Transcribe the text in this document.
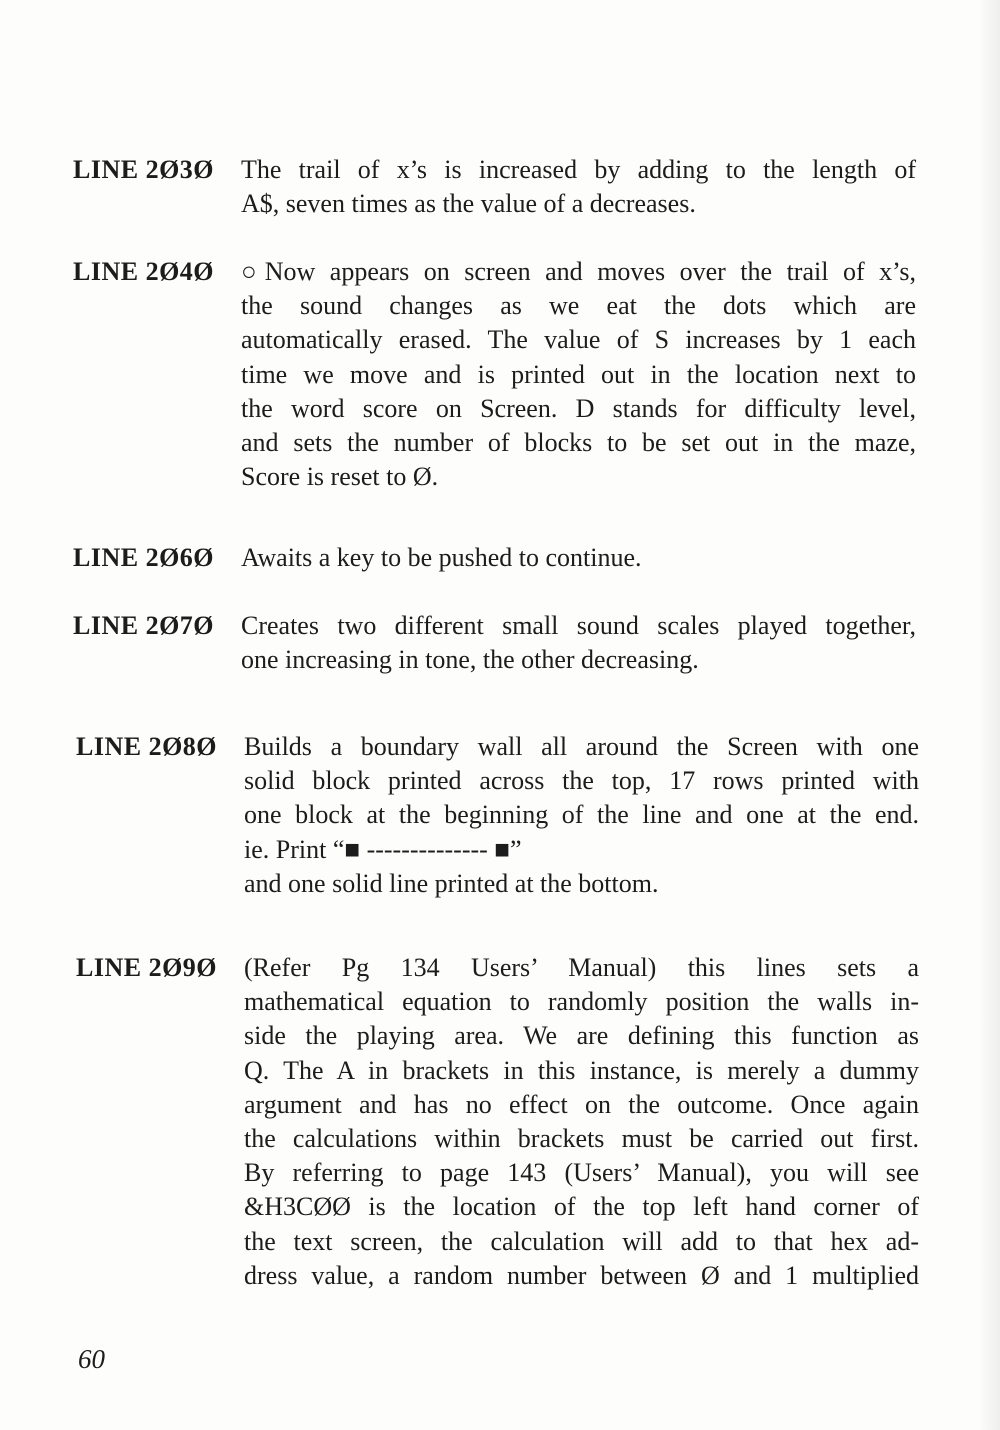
LINE 2Ø3Ø The trail of x’s is increased by adding to the length of
A$, seven times as the value of a decreases.
LINE 2Ø4Ø ○Now appears on screen and moves over the trail of x’s,
the sound changes as we eat the dots which are
automatically erased. The value of S increases by 1 each
time we move and is printed out in the location next to
the word score on Screen. D stands for difficulty level,
and sets the number of blocks to be set out in the maze,
Score is reset to Ø.
LINE 2Ø6Ø Awaits a key to be pushed to continue.
LINE 2Ø7Ø Creates two different small sound scales played together,
one increasing in tone, the other decreasing.
LINE 2Ø8Ø Builds a boundary wall all around the Screen with one
solid block printed across the top, 17 rows printed with
one block at the beginning of the line and one at the end.
ie. Print “■ -------------- ■”
and one solid line printed at the bottom.
LINE 2Ø9Ø (Refer Pg 134 Users’ Manual) this lines sets a
mathematical equation to randomly position the walls in-
side the playing area. We are defining this function as
Q. The A in brackets in this instance, is merely a dummy
argument and has no effect on the outcome. Once again
the calculations within brackets must be carried out first.
By referring to page 143 (Users’ Manual), you will see
&H3CØØ is the location of the top left hand corner of
the text screen, the calculation will add to that hex ad-
dress value, a random number between Ø and 1 multiplied
60
